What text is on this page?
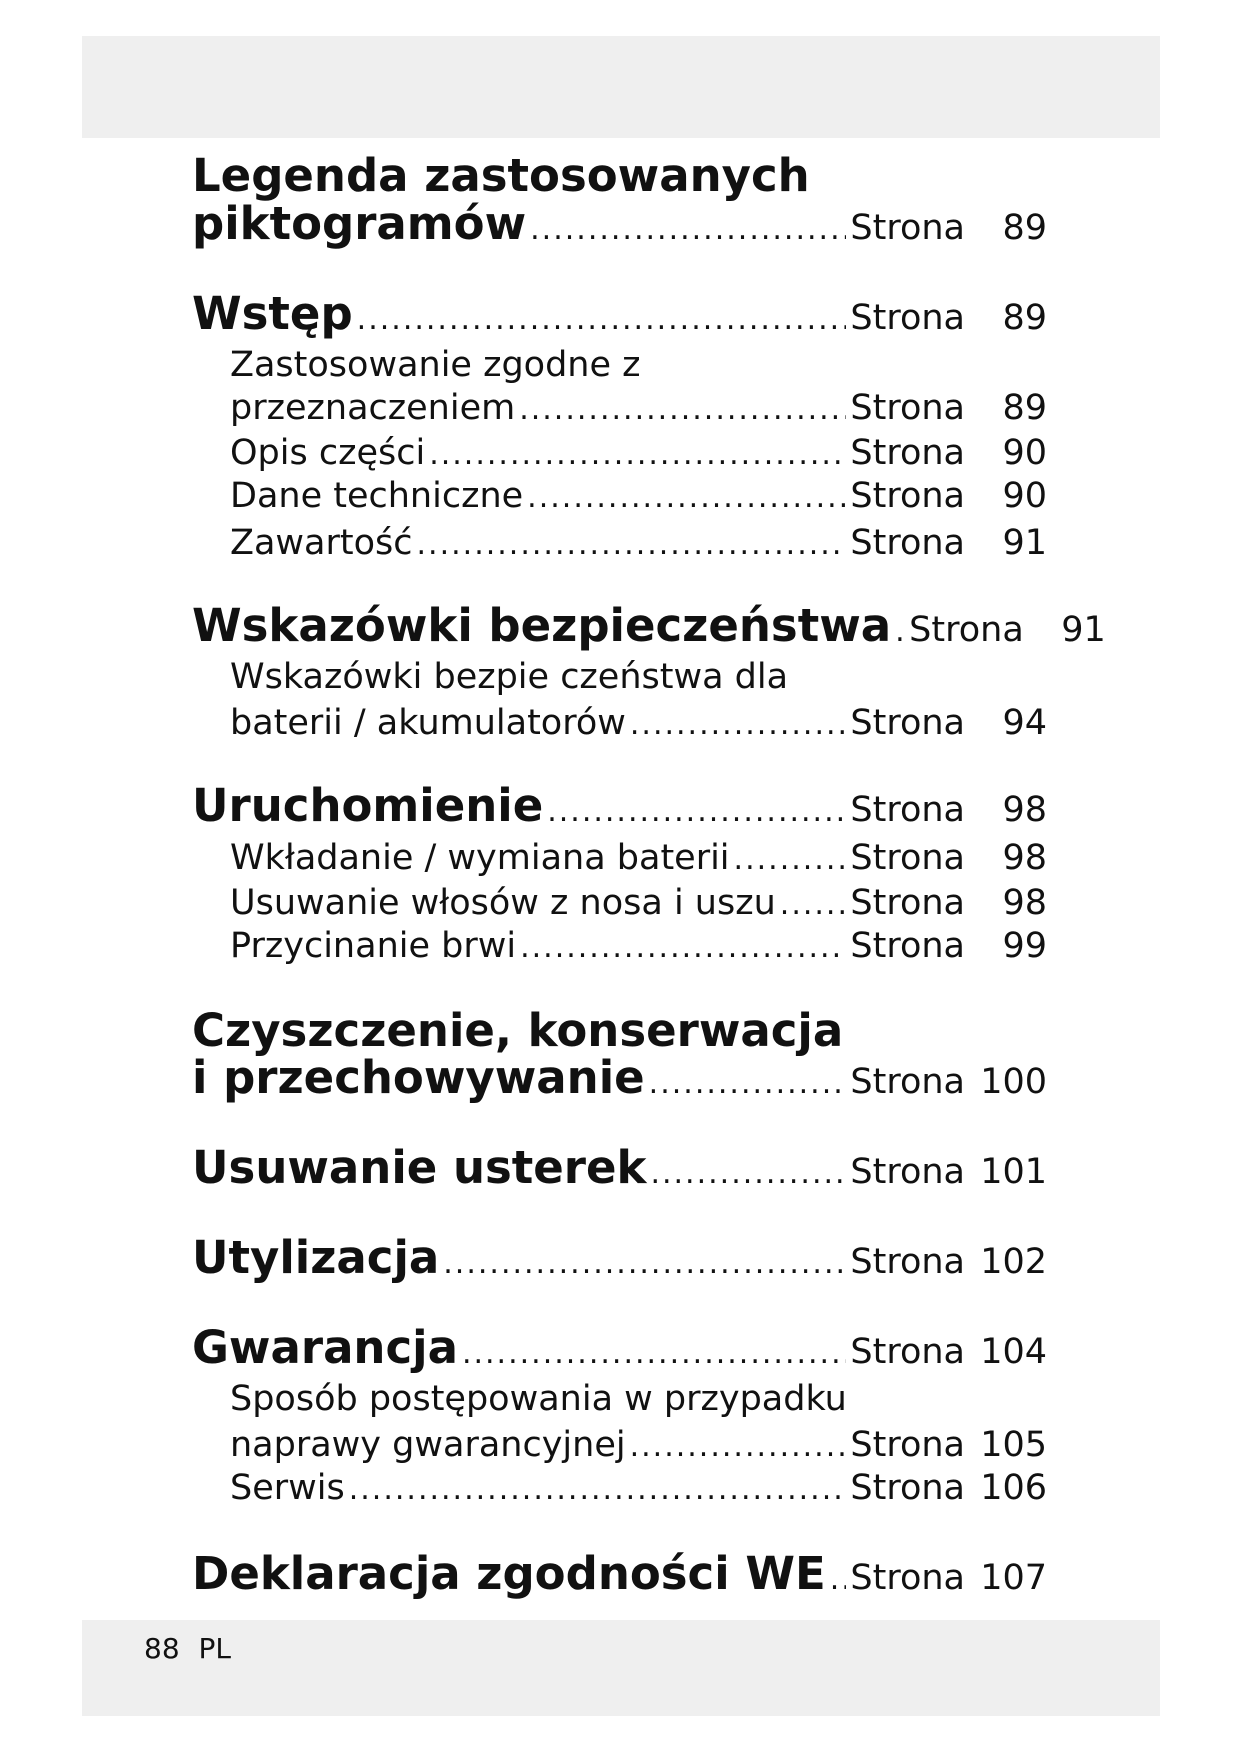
Legenda zastosowanych
piktogramów .....	Strona	89
Wstęp .....	Strona	89
Zastosowanie zgodne z
przeznaczeniem .....	Strona	89
Opis części .....	Strona	90
Dane techniczne .....	Strona	90
Zawartość .....	Strona	91
Wskazówki bezpieczeństwa ..... Strona	91
Wskazówki bezpie czeństwa dla
baterii / akumulatorów .....	Strona	94
Uruchomienie .....	Strona	98
Wkładanie / wymiana baterii .....	Strona	98
Usuwanie włosów z nosa i uszu ..... Strona	98
Przycinanie brwi .....	Strona	99
Czyszczenie, konserwacja
i przechowywanie .....	Strona 100
Usuwanie usterek .....	Strona 101
Utylizacja .....	Strona 102
Gwarancja .....	Strona 104
Sposób postępowania w przypadku
naprawy gwarancyjnej .....	Strona 105
Serwis .....	Strona 106
Deklaracja zgodności WE ..... Strona 107
88 PL
